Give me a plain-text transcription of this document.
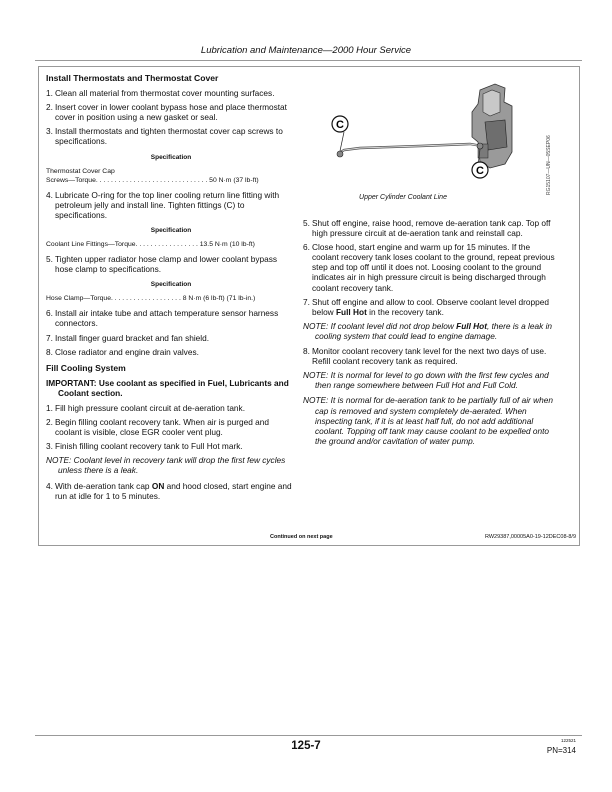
Lubrication and Maintenance—2000 Hour Service
Install Thermostats and Thermostat Cover
1. Clean all material from thermostat cover mounting surfaces.
2. Insert cover in lower coolant bypass hose and place thermostat cover in position using a new gasket or seal.
3. Install thermostats and tighten thermostat cover cap screws to specifications.
Specification
Thermostat Cover Cap
Screws—Torque. . . . . . . . . . . . . . . . . . . . . . . . . . . . . . 50 N·m (37 lb-ft)
4. Lubricate O-ring for the top liner cooling return line fitting with petroleum jelly and install line. Tighten fittings (C) to specifications.
Specification
Coolant Line Fittings—Torque. . . . . . . . . . . . . . . . . 13.5 N·m (10 lb-ft)
5. Tighten upper radiator hose clamp and lower coolant bypass hose clamp to specifications.
Specification
Hose Clamp—Torque. . . . . . . . . . . . . . . . . . . 8 N·m (6 lb-ft) (71 lb-in.)
6. Install air intake tube and attach temperature sensor harness connectors.
7. Install finger guard bracket and fan shield.
8. Close radiator and engine drain valves.
Fill Cooling System
IMPORTANT: Use coolant as specified in Fuel, Lubricants and Coolant section.
1. Fill high pressure coolant circuit at de-aeration tank.
2. Begin filling coolant recovery tank. When air is purged and coolant is visible, close EGR cooler vent plug.
3. Finish filling coolant recovery tank to Full Hot mark.
NOTE: Coolant level in recovery tank will drop the first few cycles unless there is a leak.
4. With de-aeration tank cap ON and hood closed, start engine and run at idle for 1 to 5 minutes.
C
C	RG15107—UN—05SEP06
Upper Cylinder Coolant Line
5. Shut off engine, raise hood, remove de-aeration tank cap. Top off high pressure circuit at de-aeration tank and reinstall cap.
6. Close hood, start engine and warm up for 15 minutes. If the coolant recovery tank loses coolant to the ground, repeat previous step and top off until it does not. Loosing coolant to the ground indicates air in high pressure circuit is being discharged through coolant recovery tank.
7. Shut off engine and allow to cool. Observe coolant level dropped below Full Hot in the recovery tank.
NOTE: If coolant level did not drop below Full Hot, there is a leak in cooling system that could lead to engine damage.
8. Monitor coolant recovery tank level for the next two days of use. Refill coolant recovery tank as required.
NOTE: It is normal for level to go down with the first few cycles and then range somewhere between Full Hot and Full Cold.
NOTE: It is normal for de-aeration tank to be partially full of air when cap is removed and system completely de-aerated. When inspecting tank, if it is at least half full, do not add additional coolant. Topping off tank may cause coolant to be expelled onto the ground and/or cavitation of water pump.
Continued on next page	RW29387,00005A0-19-12DEC08-8/9
125-7	122521
PN=314
